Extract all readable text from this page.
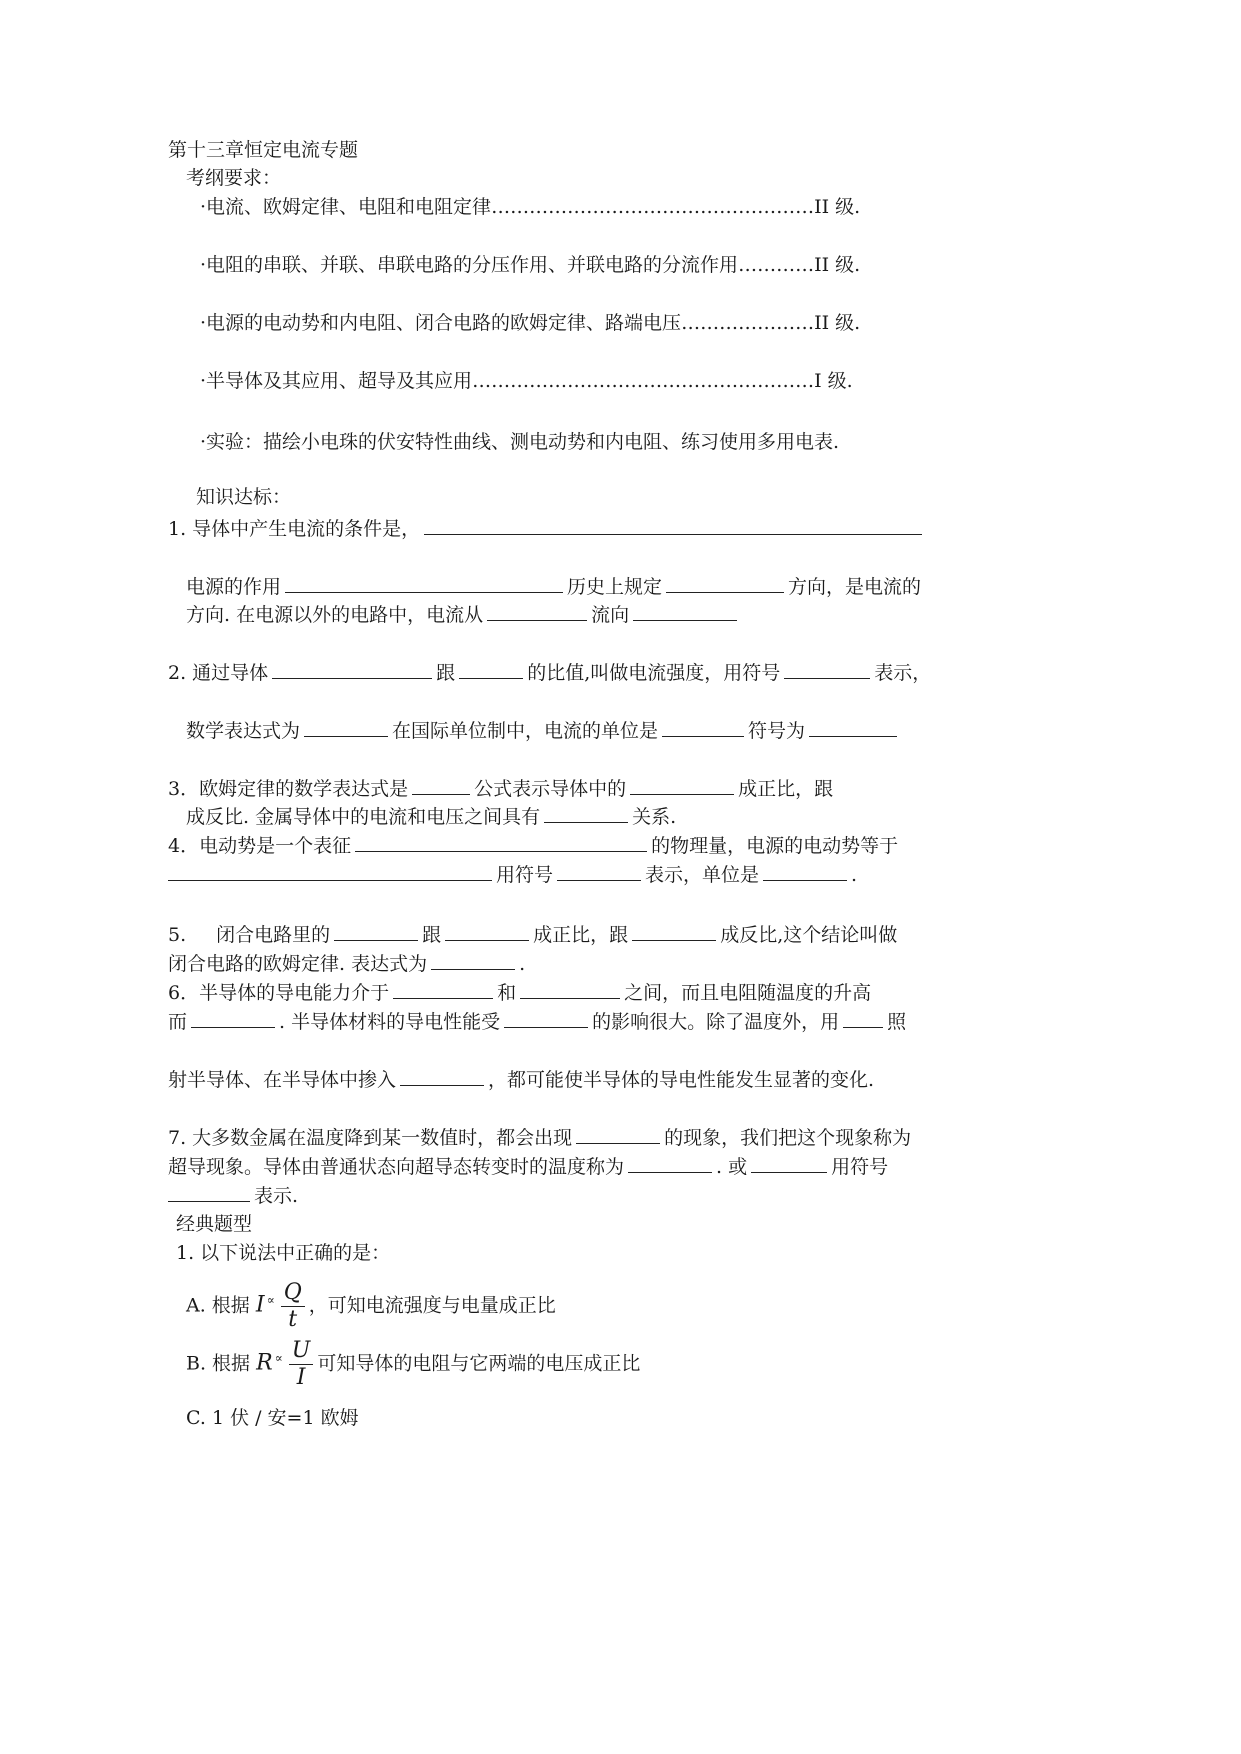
第十三章恒定电流专题
考纲要求：
·电流、欧姆定律、电阻和电阻定律……………………………………………II 级.
·电阻的串联、并联、串联电路的分压作用、并联电路的分流作用…………II 级.
·电源的电动势和内电阻、闭合电路的欧姆定律、路端电压…………………II 级.
·半导体及其应用、超导及其应用………………………………………………I 级.
·实验：描绘小电珠的伏安特性曲线、测电动势和内电阻、练习使用多用电表.
知识达标：
1. 导体中产生电流的条件是，
电源的作用	历史上规定	方向，是电流的
方向. 在电源以外的电路中，电流从	流向
2. 通过导体	跟	的比值,叫做电流强度，用符号	表示，
数学表达式为	在国际单位制中，电流的单位是	符号为
3．欧姆定律的数学表达式是	公式表示导体中的	成正比，跟
成反比. 金属导体中的电流和电压之间具有	关系.
4．电动势是一个表征	的物理量，电源的电动势等于
用符号	表示，单位是	.
5. 闭合电路里的	跟	成正比，跟	成反比,这个结论叫做
闭合电路的欧姆定律. 表达式为	.
6．半导体的导电能力介于	和	之间，而且电阻随温度的升高
而	. 半导体材料的导电性能受	的影响很大。除了温度外，用	照
射半导体、在半导体中掺入	，都可能使半导体的导电性能发生显著的变化.
7. 大多数金属在温度降到某一数值时，都会出现	的现象，我们把这个现象称为
超导现象。导体由普通状态向超导态转变时的温度称为	. 或	用符号
表示.
经典题型
1. 以下说法中正确的是：
A. 根据 I $^\propto \frac{Q}{t}$ ，可知电流强度与电量成正比
B. 根据 R $^\propto \frac{U}{I}$ 可知导体的电阻与它两端的电压成正比
C. 1 伏 / 安=1 欧姆
